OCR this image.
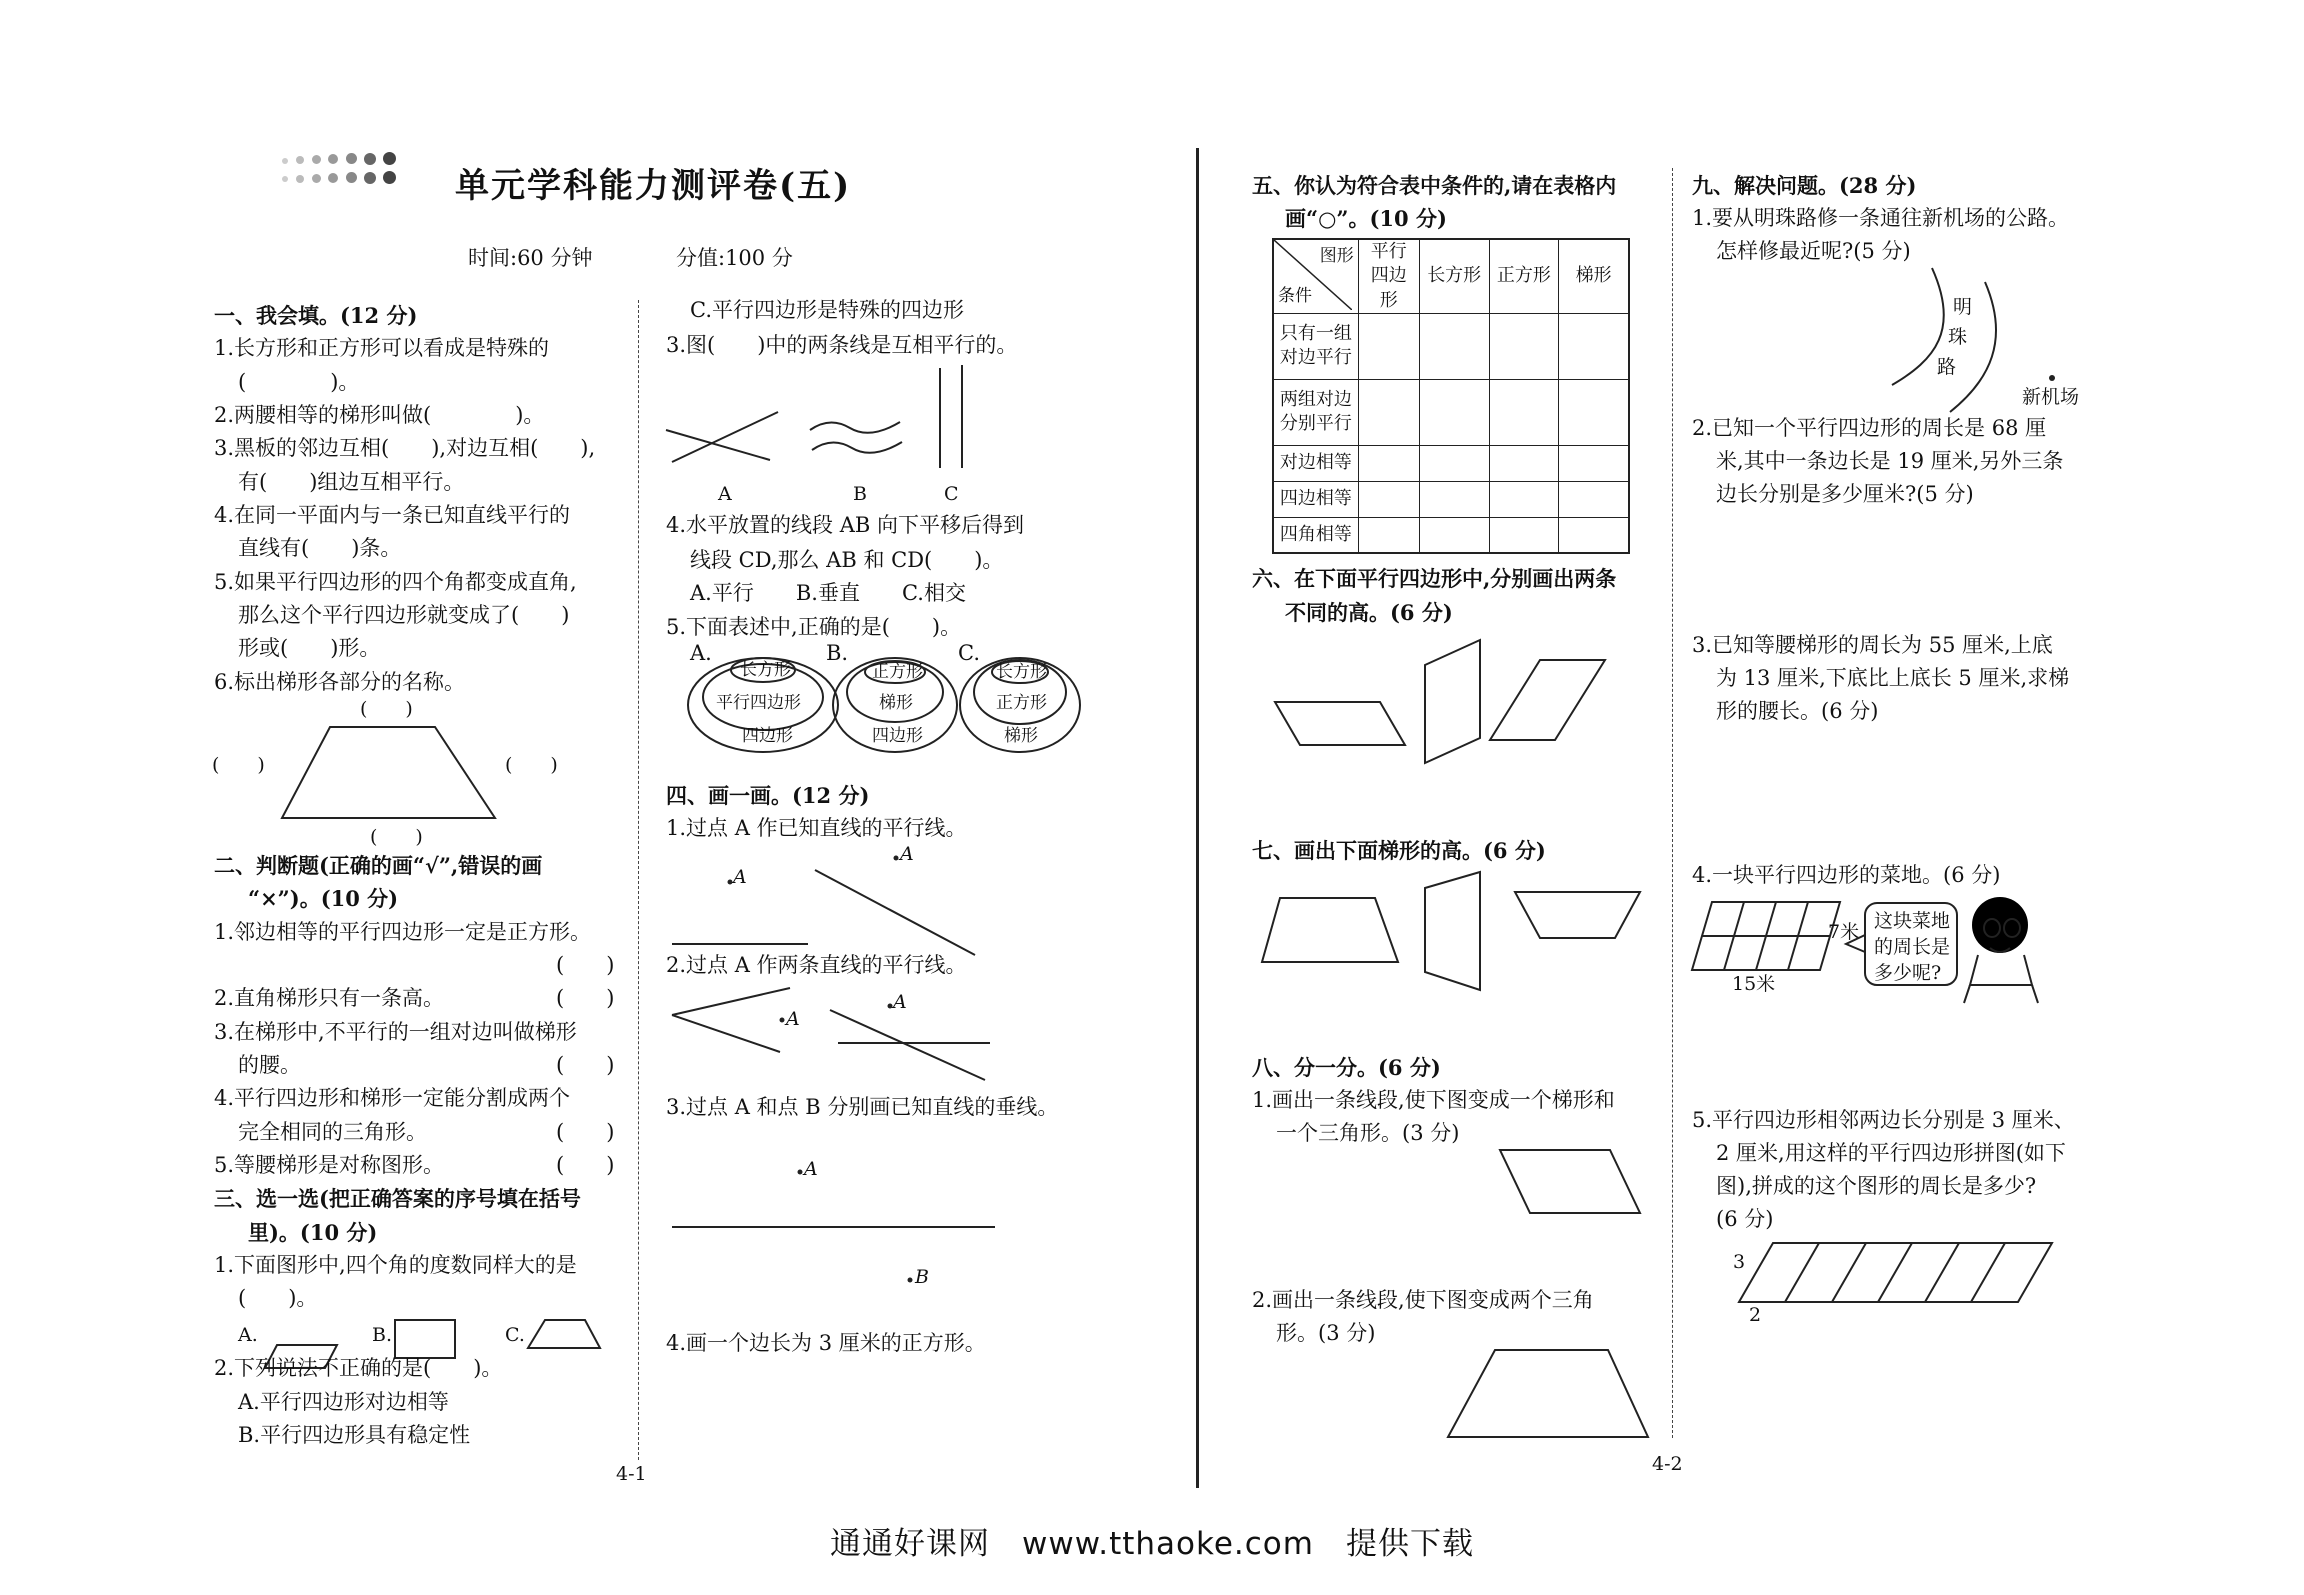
单元学科能力测评卷(五)
时间:60 分钟	分值:100 分
一、我会填。(12 分)
1.长方形和正方形可以看成是特殊的
(　　　　)。
2.两腰相等的梯形叫做(　　　　)。
3.黑板的邻边互相(　　),对边互相(　　),
有(　　)组边互相平行。
4.在同一平面内与一条已知直线平行的
直线有(　　)条。
5.如果平行四边形的四个角都变成直角,
那么这个平行四边形就变成了(　　)
形或(　　)形。
6.标出梯形各部分的名称。
(　　)
(　　)	(　　)
(　　)
二、判断题(正确的画“√”,错误的画
“×”)。(10 分)
1.邻边相等的平行四边形一定是正方形。
(　　)
2.直角梯形只有一条高。	(　　)
3.在梯形中,不平行的一组对边叫做梯形
的腰。	(　　)
4.平行四边形和梯形一定能分割成两个
完全相同的三角形。	(　　)
5.等腰梯形是对称图形。	(　　)
三、选一选(把正确答案的序号填在括号
里)。(10 分)
1.下面图形中,四个角的度数同样大的是
(　　)。
A.	B.	C.
2.下列说法不正确的是(　　)。
A.平行四边形对边相等
B.平行四边形具有稳定性
C.平行四边形是特殊的四边形
3.图(　　)中的两条线是互相平行的。
A	B	C
4.水平放置的线段 AB 向下平移后得到
线段 CD,那么 AB 和 CD(　　)。
A.平行　　B.垂直　　C.相交
5.下面表述中,正确的是(　　)。
A.	B.	C.
长方形
平行四边形
四边形
正方形
梯形
四边形
长方形
正方形
梯形
四、画一画。(12 分)
1.过点 A 作已知直线的平行线。
A
A
2.过点 A 作两条直线的平行线。
A
A
3.过点 A 和点 B 分别画已知直线的垂线。
A
B
4.画一个边长为 3 厘米的正方形。
4-1
五、你认为符合表中条件的,请在表格内
画“○”。(10 分)
图形
条件	平行四边形	长方形	正方形	梯形
只有一组对边平行				
两组对边分别平行				
对边相等				
四边相等				
四角相等				
六、在下面平行四边形中,分别画出两条
不同的高。(6 分)
七、画出下面梯形的高。(6 分)
八、分一分。(6 分)
1.画出一条线段,使下图变成一个梯形和
一个三角形。(3 分)
2.画出一条线段,使下图变成两个三角
形。(3 分)
4-2
九、解决问题。(28 分)
1.要从明珠路修一条通往新机场的公路。
怎样修最近呢?(5 分)
明
珠
路
新机场
2.已知一个平行四边形的周长是 68 厘
米,其中一条边长是 19 厘米,另外三条
边长分别是多少厘米?(5 分)
3.已知等腰梯形的周长为 55 厘米,上底
为 13 厘米,下底比上底长 5 厘米,求梯
形的腰长。(6 分)
4.一块平行四边形的菜地。(6 分)
7米
15米
这块菜地
的周长是
多少呢?
5.平行四边形相邻两边长分别是 3 厘米、
2 厘米,用这样的平行四边形拼图(如下
图),拼成的这个图形的周长是多少?
(6 分)
3
2
通通好课网　www.tthaoke.com　提供下载
